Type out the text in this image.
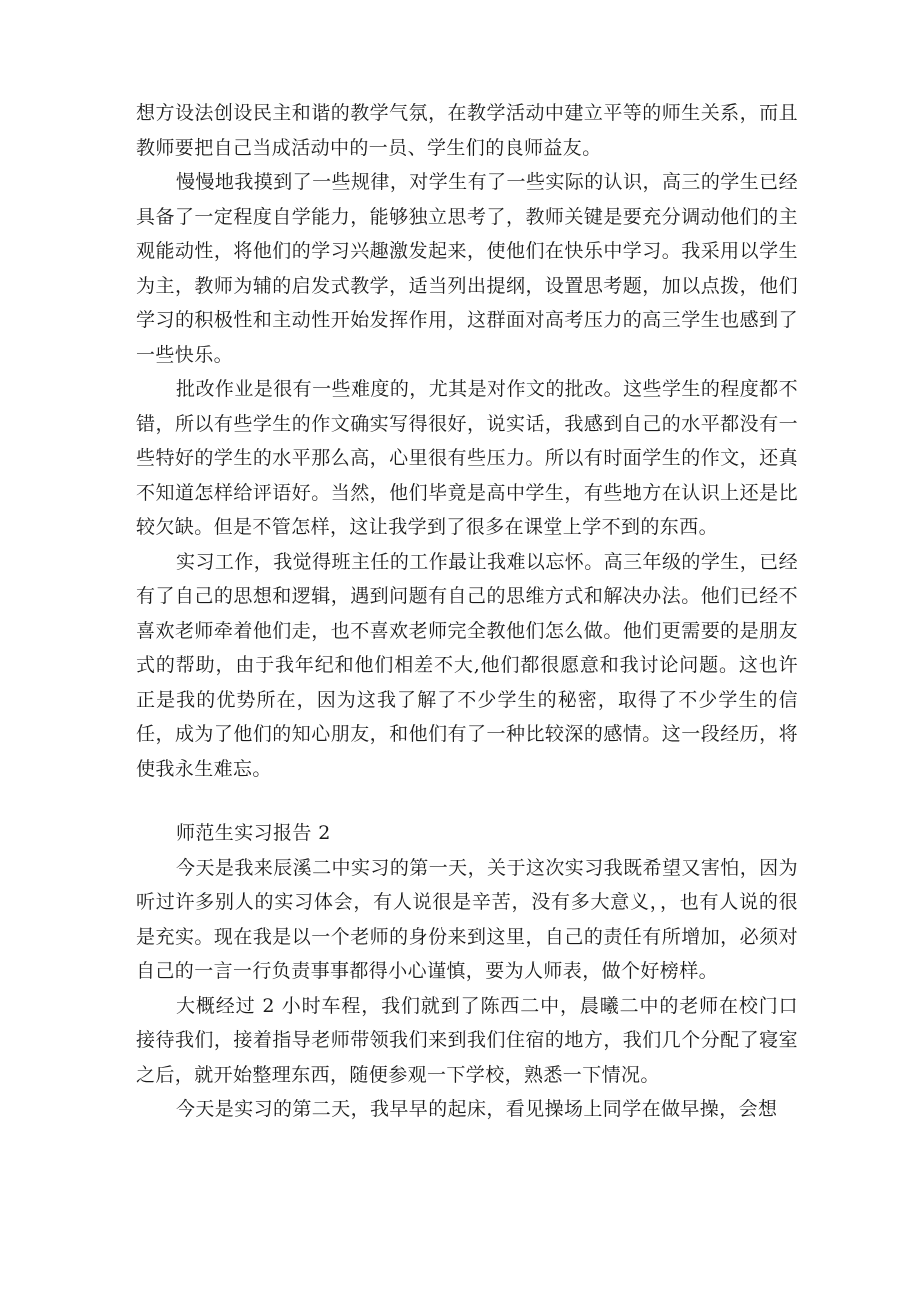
想方设法创设民主和谐的教学气氛，在教学活动中建立平等的师生关系，而且教师要把自己当成活动中的一员、学生们的良师益友。

慢慢地我摸到了一些规律，对学生有了一些实际的认识，高三的学生已经具备了一定程度自学能力，能够独立思考了，教师关键是要充分调动他们的主观能动性，将他们的学习兴趣激发起来，使他们在快乐中学习。我采用以学生为主，教师为辅的启发式教学，适当列出提纲，设置思考题，加以点拨，他们学习的积极性和主动性开始发挥作用，这群面对高考压力的高三学生也感到了一些快乐。

批改作业是很有一些难度的，尤其是对作文的批改。这些学生的程度都不错，所以有些学生的作文确实写得很好，说实话，我感到自己的水平都没有一些特好的学生的水平那么高，心里很有些压力。所以有时面学生的作文，还真不知道怎样给评语好。当然，他们毕竟是高中学生，有些地方在认识上还是比较欠缺。但是不管怎样，这让我学到了很多在课堂上学不到的东西。

实习工作，我觉得班主任的工作最让我难以忘怀。高三年级的学生，已经有了自己的思想和逻辑，遇到问题有自己的思维方式和解决办法。他们已经不喜欢老师牵着他们走，也不喜欢老师完全教他们怎么做。他们更需要的是朋友式的帮助，由于我年纪和他们相差不大,他们都很愿意和我讨论问题。这也许正是我的优势所在，因为这我了解了不少学生的秘密，取得了不少学生的信任，成为了他们的知心朋友，和他们有了一种比较深的感情。这一段经历，将使我永生难忘。

师范生实习报告 2

今天是我来辰溪二中实习的第一天，关于这次实习我既希望又害怕，因为听过许多别人的实习体会，有人说很是辛苦，没有多大意义，，也有人说的很是充实。现在我是以一个老师的身份来到这里，自己的责任有所增加，必须对自己的一言一行负责事事都得小心谨慎，要为人师表，做个好榜样。

大概经过 2 小时车程，我们就到了陈西二中，晨曦二中的老师在校门口接待我们，接着指导老师带领我们来到我们住宿的地方，我们几个分配了寝室之后，就开始整理东西，随便参观一下学校，熟悉一下情况。

今天是实习的第二天，我早早的起床，看见操场上同学在做早操，会想
